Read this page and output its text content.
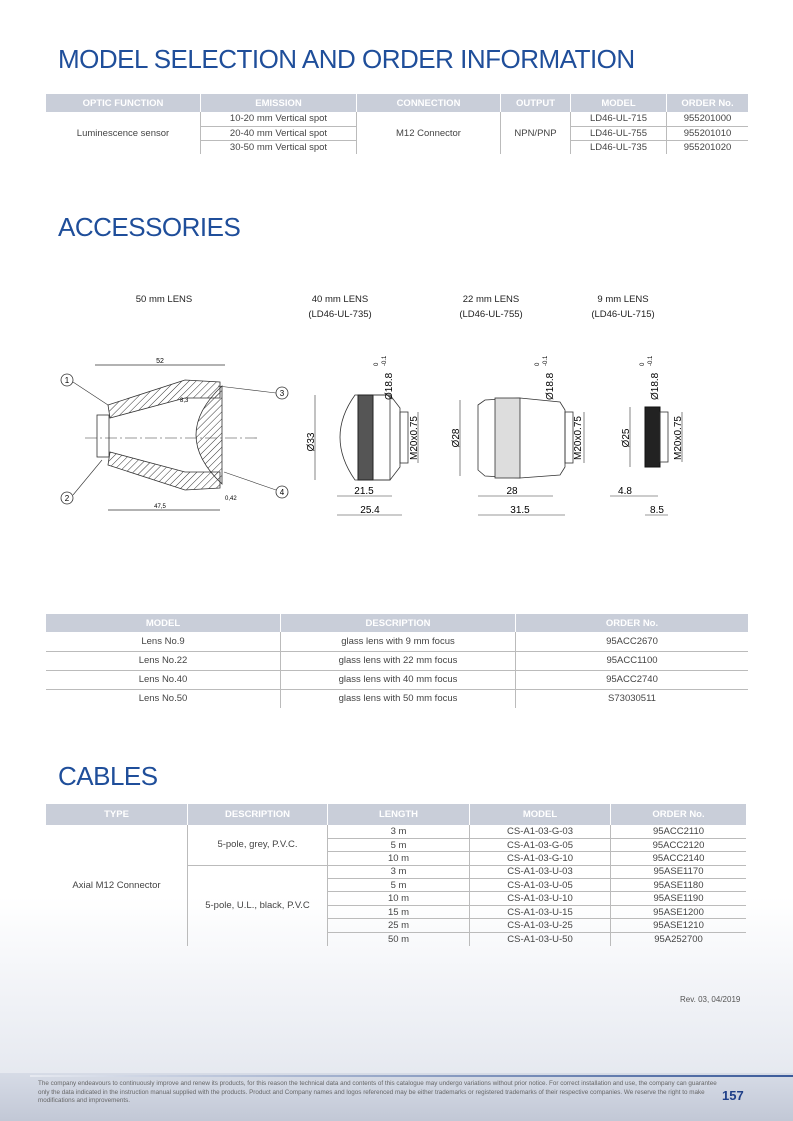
MODEL SELECTION AND ORDER INFORMATION
OPTIC FUNCTION	EMISSION	CONNECTION	OUTPUT	MODEL	ORDER No.
Luminescence sensor	10-20 mm Vertical spot	M12 Connector	NPN/PNP	LD46-UL-715	955201000
	20-40 mm Vertical spot			LD46-UL-755	955201010
	30-50 mm Vertical spot			LD46-UL-735	955201020
ACCESSORIES
50 mm LENS	40 mm LENS
(LD46-UL-735)
22 mm LENS
(LD46-UL-755)
9 mm LENS
(LD46-UL-715)
52
8,3
47,5
0,42
1
2
3
4
Ø33
Ø18.8
0 -0.1
M20x0.75
21.5
25.4
Ø28
Ø18.8
0 -0.1
M20x0.75
28
31.5
Ø25
Ø18.8
0 -0.1
M20x0.75
4.8
8.5
MODEL	DESCRIPTION	ORDER No.
Lens No.9	glass lens with 9 mm focus	95ACC2670
Lens No.22	glass lens with 22 mm focus	95ACC1100
Lens No.40	glass lens with 40 mm focus	95ACC2740
Lens No.50	glass lens with 50 mm focus	S73030511
CABLES
TYPE	DESCRIPTION	LENGTH	MODEL	ORDER No.
Axial M12 Connector	5-pole, grey, P.V.C.	3 m	CS-A1-03-G-03	95ACC2110
		5 m	CS-A1-03-G-05	95ACC2120
		10 m	CS-A1-03-G-10	95ACC2140
	5-pole, U.L., black, P.V.C	3 m	CS-A1-03-U-03	95ASE1170
		5 m	CS-A1-03-U-05	95ASE1180
		10 m	CS-A1-03-U-10	95ASE1190
		15 m	CS-A1-03-U-15	95ASE1200
		25 m	CS-A1-03-U-25	95ASE1210
		50 m	CS-A1-03-U-50	95A252700
Rev. 03, 04/2019
The company endeavours to continuously improve and renew its products, for this reason the technical data and contents of this catalogue may undergo variations without prior notice. For correct installation and use, the company can guarantee only the data indicated in the instruction manual supplied with the products. Product and Company names and logos referenced may be either trademarks or registered trademarks of their respective companies. We reserve the right to make modifications and improvements.	157
